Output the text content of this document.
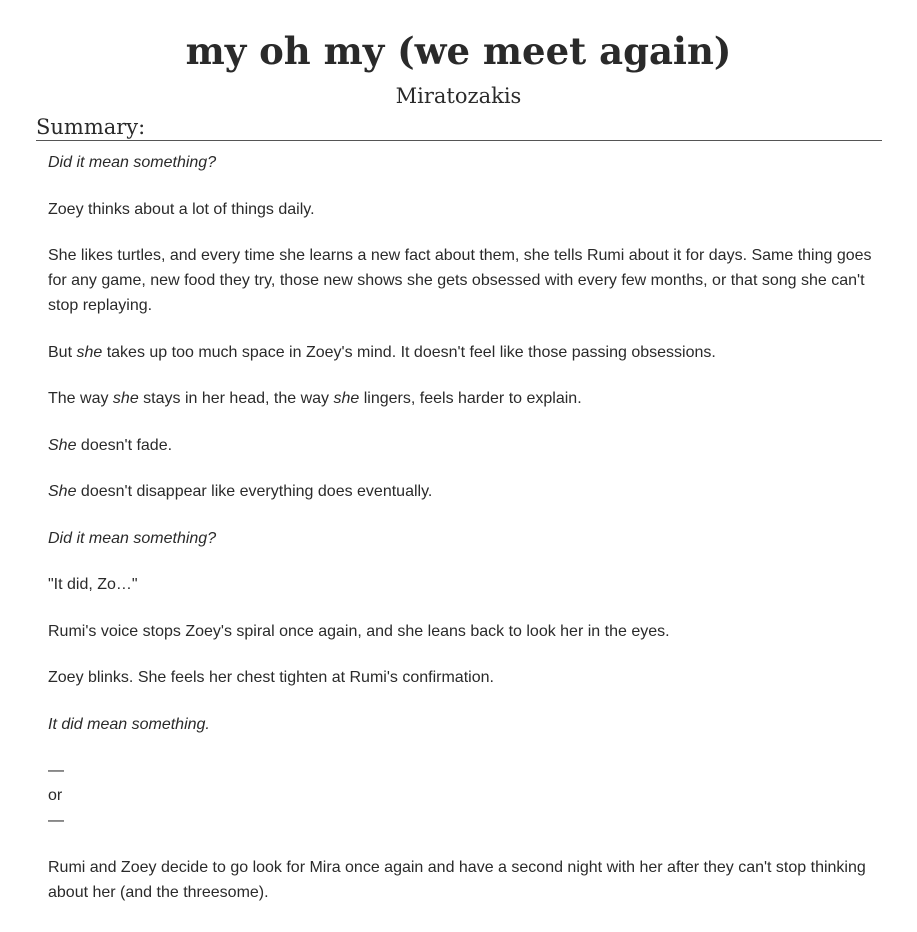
my oh my (we meet again)
Miratozakis
Summary:

Did it mean something?

Zoey thinks about a lot of things daily.

She likes turtles, and every time she learns a new fact about them, she tells Rumi about it for days. Same thing goes for any game, new food they try, those new shows she gets obsessed with every few months, or that song she can't stop replaying.

But she takes up too much space in Zoey's mind. It doesn't feel like those passing obsessions.

The way she stays in her head, the way she lingers, feels harder to explain.

She doesn't fade.

She doesn't disappear like everything does eventually.

Did it mean something?

"It did, Zo…"

Rumi's voice stops Zoey's spiral once again, and she leans back to look her in the eyes.

Zoey blinks. She feels her chest tighten at Rumi's confirmation.

It did mean something.

—

or

—

Rumi and Zoey decide to go look for Mira once again and have a second night with her after they can't stop thinking about her (and the threesome).
